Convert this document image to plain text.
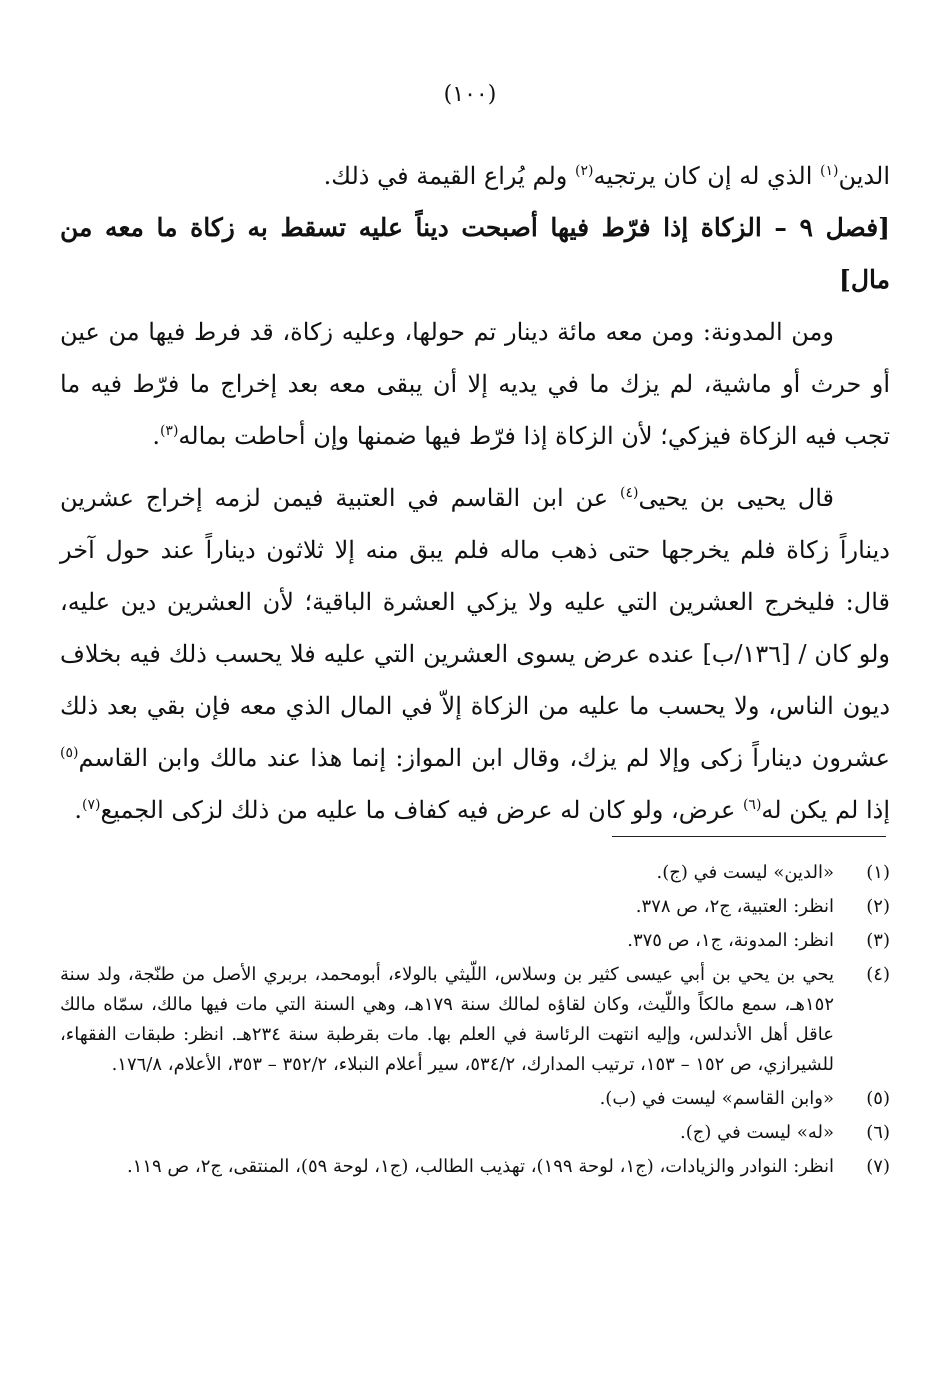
(١٠٠)

الدين$^{(١)}$ الذي له إن كان يرتجيه$^{(٢)}$ ولم يُراع القيمة في ذلك.

[فصل ٩ – الزكاة إذا فرّط فيها أصبحت ديناً عليه تسقط به زكاة ما معه من مال]

ومن المدونة: ومن معه مائة دينار تم حولها، وعليه زكاة، قد فرط فيها من عين أو حرث أو ماشية، لم يزك ما في يديه إلا أن يبقى معه بعد إخراج ما فرّط فيه ما تجب فيه الزكاة فيزكي؛ لأن الزكاة إذا فرّط فيها ضمنها وإن أحاطت بماله$^{(٣)}$.

قال يحيى بن يحيى$^{(٤)}$ عن ابن القاسم في العتبية فيمن لزمه إخراج عشرين ديناراً زكاة فلم يخرجها حتى ذهب ماله فلم يبق منه إلا ثلاثون ديناراً عند حول آخر قال: فليخرج العشرين التي عليه ولا يزكي العشرة الباقية؛ لأن العشرين دين عليه، ولو كان / [١٣٦/ب] عنده عرض يسوى العشرين التي عليه فلا يحسب ذلك فيه بخلاف ديون الناس، ولا يحسب ما عليه من الزكاة إلاّ في المال الذي معه فإن بقي بعد ذلك عشرون ديناراً زكى وإلا لم يزك، وقال ابن المواز: إنما هذا عند مالك وابن القاسم$^{(٥)}$ إذا لم يكن له$^{(٦)}$ عرض، ولو كان له عرض فيه كفاف ما عليه من ذلك لزكى الجميع$^{(٧)}$.

(١)
«الدين» ليست في (ج).
(٢)
انظر: العتبية، ج٢، ص ٣٧٨.
(٣)
انظر: المدونة، ج١، ص ٣٧٥.
(٤)
يحي بن يحي بن أبي عيسى كثير بن وسلاس، اللّيثي بالولاء، أبومحمد، بربري الأصل من طنّجة، ولد سنة ١٥٢هـ، سمع مالكاً واللّيث، وكان لقاؤه لمالك سنة ١٧٩هـ، وهي السنة التي مات فيها مالك، سمّاه مالك عاقل أهل الأندلس، وإليه انتهت الرئاسة في العلم بها. مات بقرطبة سنة ٢٣٤هـ. انظر: طبقات الفقهاء، للشيرازي، ص ١٥٢ – ١٥٣، ترتيب المدارك، ٥٣٤/٢، سير أعلام النبلاء، ٣٥٢/٢ – ٣٥٣، الأعلام، ١٧٦/٨.
(٥)
«وابن القاسم» ليست في (ب).
(٦)
«له» ليست في (ج).
(٧)
انظر: النوادر والزيادات، (ج١، لوحة ١٩٩)، تهذيب الطالب، (ج١، لوحة ٥٩)، المنتقى، ج٢، ص ١١٩.
